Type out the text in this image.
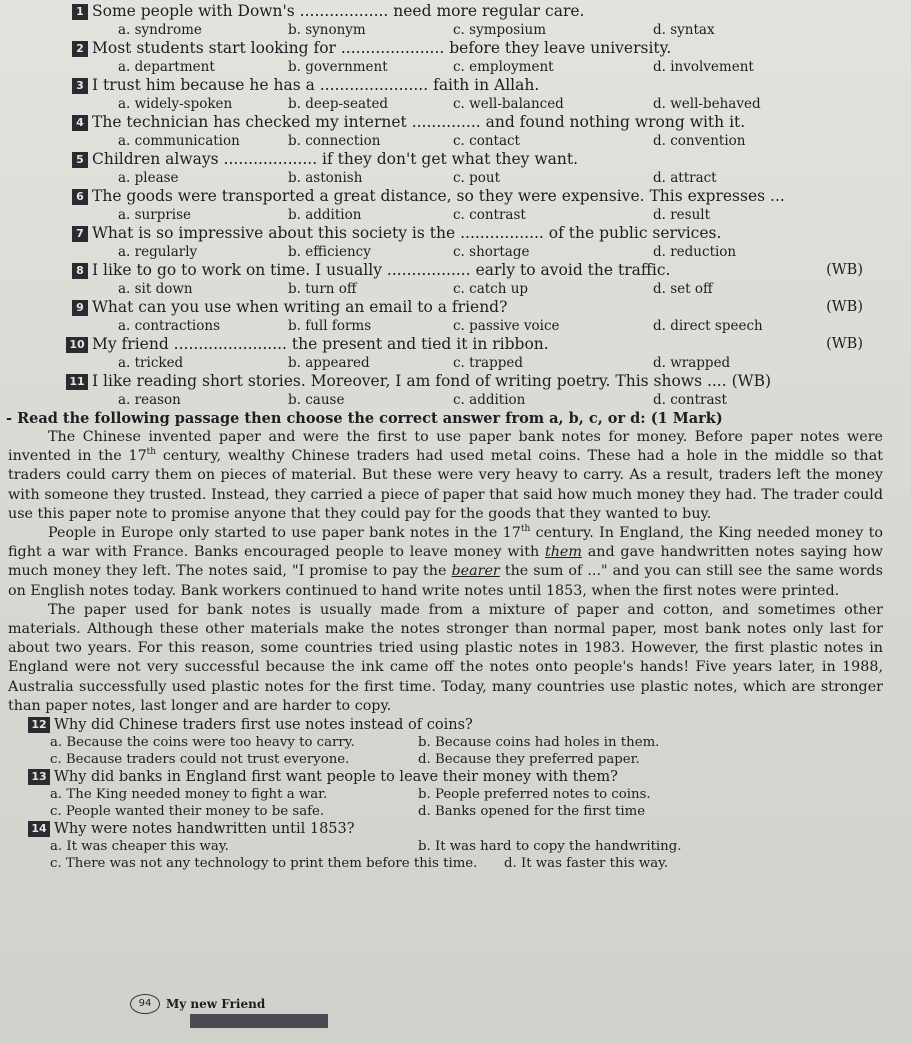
1 Some people with Down's .................. need more regular care.
a. syndrome	b. synonym	c. symposium	d. syntax
2 Most students start looking for ..................... before they leave university.
a. department	b. government	c. employment	d. involvement
3 I trust him because he has a ...................... faith in Allah.
a. widely-spoken	b. deep-seated	c. well-balanced	d. well-behaved
4 The technician has checked my internet .............. and found nothing wrong with it.
a. communication	b. connection	c. contact	d. convention
5 Children always ................... if they don't get what they want.
a. please	b. astonish	c. pout	d. attract
6 The goods were transported a great distance, so they were expensive. This expresses ...
a. surprise	b. addition	c. contrast	d. result
7 What is so impressive about this society is the ................. of the public services.
a. regularly	b. efficiency	c. shortage	d. reduction
8 I like to go to work on time. I usually ................. early to avoid the traffic.	(WB)
a. sit down	b. turn off	c. catch up	d. set off
9 What can you use when writing an email to a friend?	(WB)
a. contractions	b. full forms	c. passive voice	d. direct speech
10 My friend ....................... the present and tied it in ribbon.	(WB)
a. tricked	b. appeared	c. trapped	d. wrapped
11 I like reading short stories. Moreover, I am fond of writing poetry. This shows .... (WB)
a. reason	b. cause	c. addition	d. contrast
- Read the following passage then choose the correct answer from a, b, c, or d: (1 Mark)
The Chinese invented paper and were the first to use paper bank notes for money. Before paper notes were invented in the 17th century, wealthy Chinese traders had used metal coins. These had a hole in the middle so that traders could carry them on pieces of material. But these were very heavy to carry. As a result, traders left the money with someone they trusted. Instead, they carried a piece of paper that said how much money they had. The trader could use this paper note to promise anyone that they could pay for the goods that they wanted to buy.
People in Europe only started to use paper bank notes in the 17th century. In England, the King needed money to fight a war with France. Banks encouraged people to leave money with them and gave handwritten notes saying how much money they left. The notes said, "I promise to pay the bearer the sum of ..." and you can still see the same words on English notes today. Bank workers continued to hand write notes until 1853, when the first notes were printed.
The paper used for bank notes is usually made from a mixture of paper and cotton, and sometimes other materials. Although these other materials make the notes stronger than normal paper, most bank notes only last for about two years. For this reason, some countries tried using plastic notes in 1983. However, the first plastic notes in England were not very successful because the ink came off the notes onto people's hands! Five years later, in 1988, Australia successfully used plastic notes for the first time. Today, many countries use plastic notes, which are stronger than paper notes, last longer and are harder to copy.
12 Why did Chinese traders first use notes instead of coins?
a. Because the coins were too heavy to carry.	b. Because coins had holes in them.
c. Because traders could not trust everyone.	d. Because they preferred paper.
13 Why did banks in England first want people to leave their money with them?
a. The King needed money to fight a war.	b. People preferred notes to coins.
c. People wanted their money to be safe.	d. Banks opened for the first time
14 Why were notes handwritten until 1853?
a. It was cheaper this way.	b. It was hard to copy the handwriting.
c. There was not any technology to print them before this time. d. It was faster this way.
94 My new Friend
